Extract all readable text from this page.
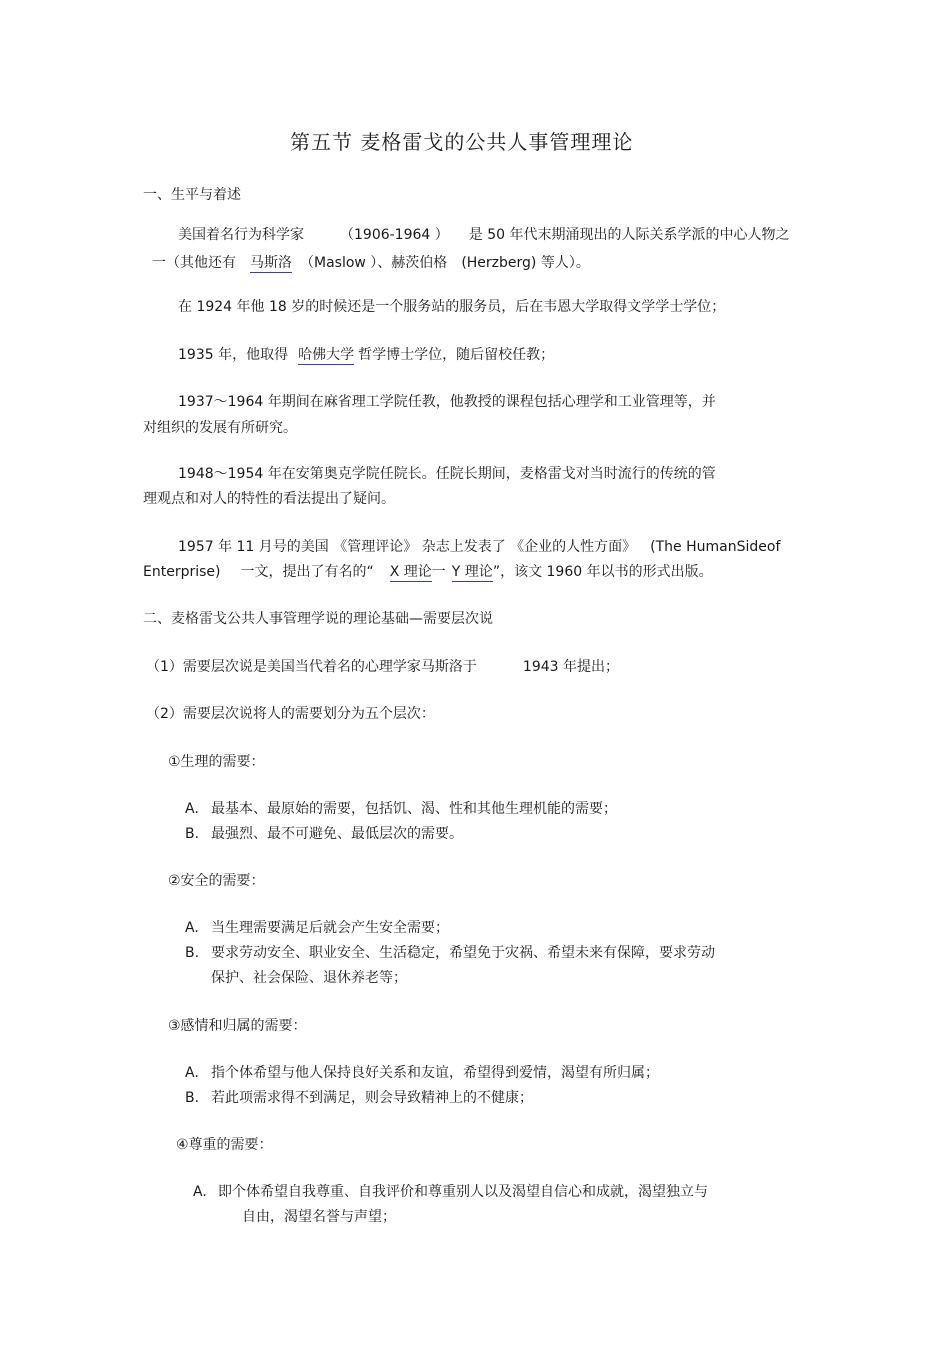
第五节 麦格雷戈的公共人事管理理论
一、生平与着述
美国着名行为科学家	（1906-1964 ） 是 50 年代末期涌现出的人际关系学派的中心人物之
一（其他还有 马斯洛 （Maslow ）、赫茨伯格 (Herzberg) 等人）。
在 1924 年他 18 岁的时候还是一个服务站的服务员，后在韦恩大学取得文学学士学位；
1935 年，他取得 哈佛大学 哲学博士学位，随后留校任教；
1937～1964 年期间在麻省理工学院任教，他教授的课程包括心理学和工业管理等，并
对组织的发展有所研究。
1948～1954 年在安第奥克学院任院长。任院长期间，麦格雷戈对当时流行的传统的管
理观点和对人的特性的看法提出了疑问。
1957 年 11 月号的美国 《管理评论》 杂志上发表了 《企业的人性方面》 (The HumanSideof
Enterprise) 一文，提出了有名的“ X 理论一 Y 理论”，该文 1960 年以书的形式出版。
二、麦格雷戈公共人事管理学说的理论基础—需要层次说
（1）需要层次说是美国当代着名的心理学家马斯洛于	1943 年提出；
（2）需要层次说将人的需要划分为五个层次：
①生理的需要：
A. 最基本、最原始的需要，包括饥、渴、性和其他生理机能的需要；
B. 最强烈、最不可避免、最低层次的需要。
②安全的需要：
A. 当生理需要满足后就会产生安全需要；
B. 要求劳动安全、职业安全、生活稳定，希望免于灾祸、希望未来有保障，要求劳动
保护、社会保险、退休养老等；
③感情和归属的需要：
A. 指个体希望与他人保持良好关系和友谊，希望得到爱情，渴望有所归属；
B. 若此项需求得不到满足，则会导致精神上的不健康；
④尊重的需要：
A. 即个体希望自我尊重、自我评价和尊重别人以及渴望自信心和成就，渴望独立与
自由，渴望名誉与声望；
